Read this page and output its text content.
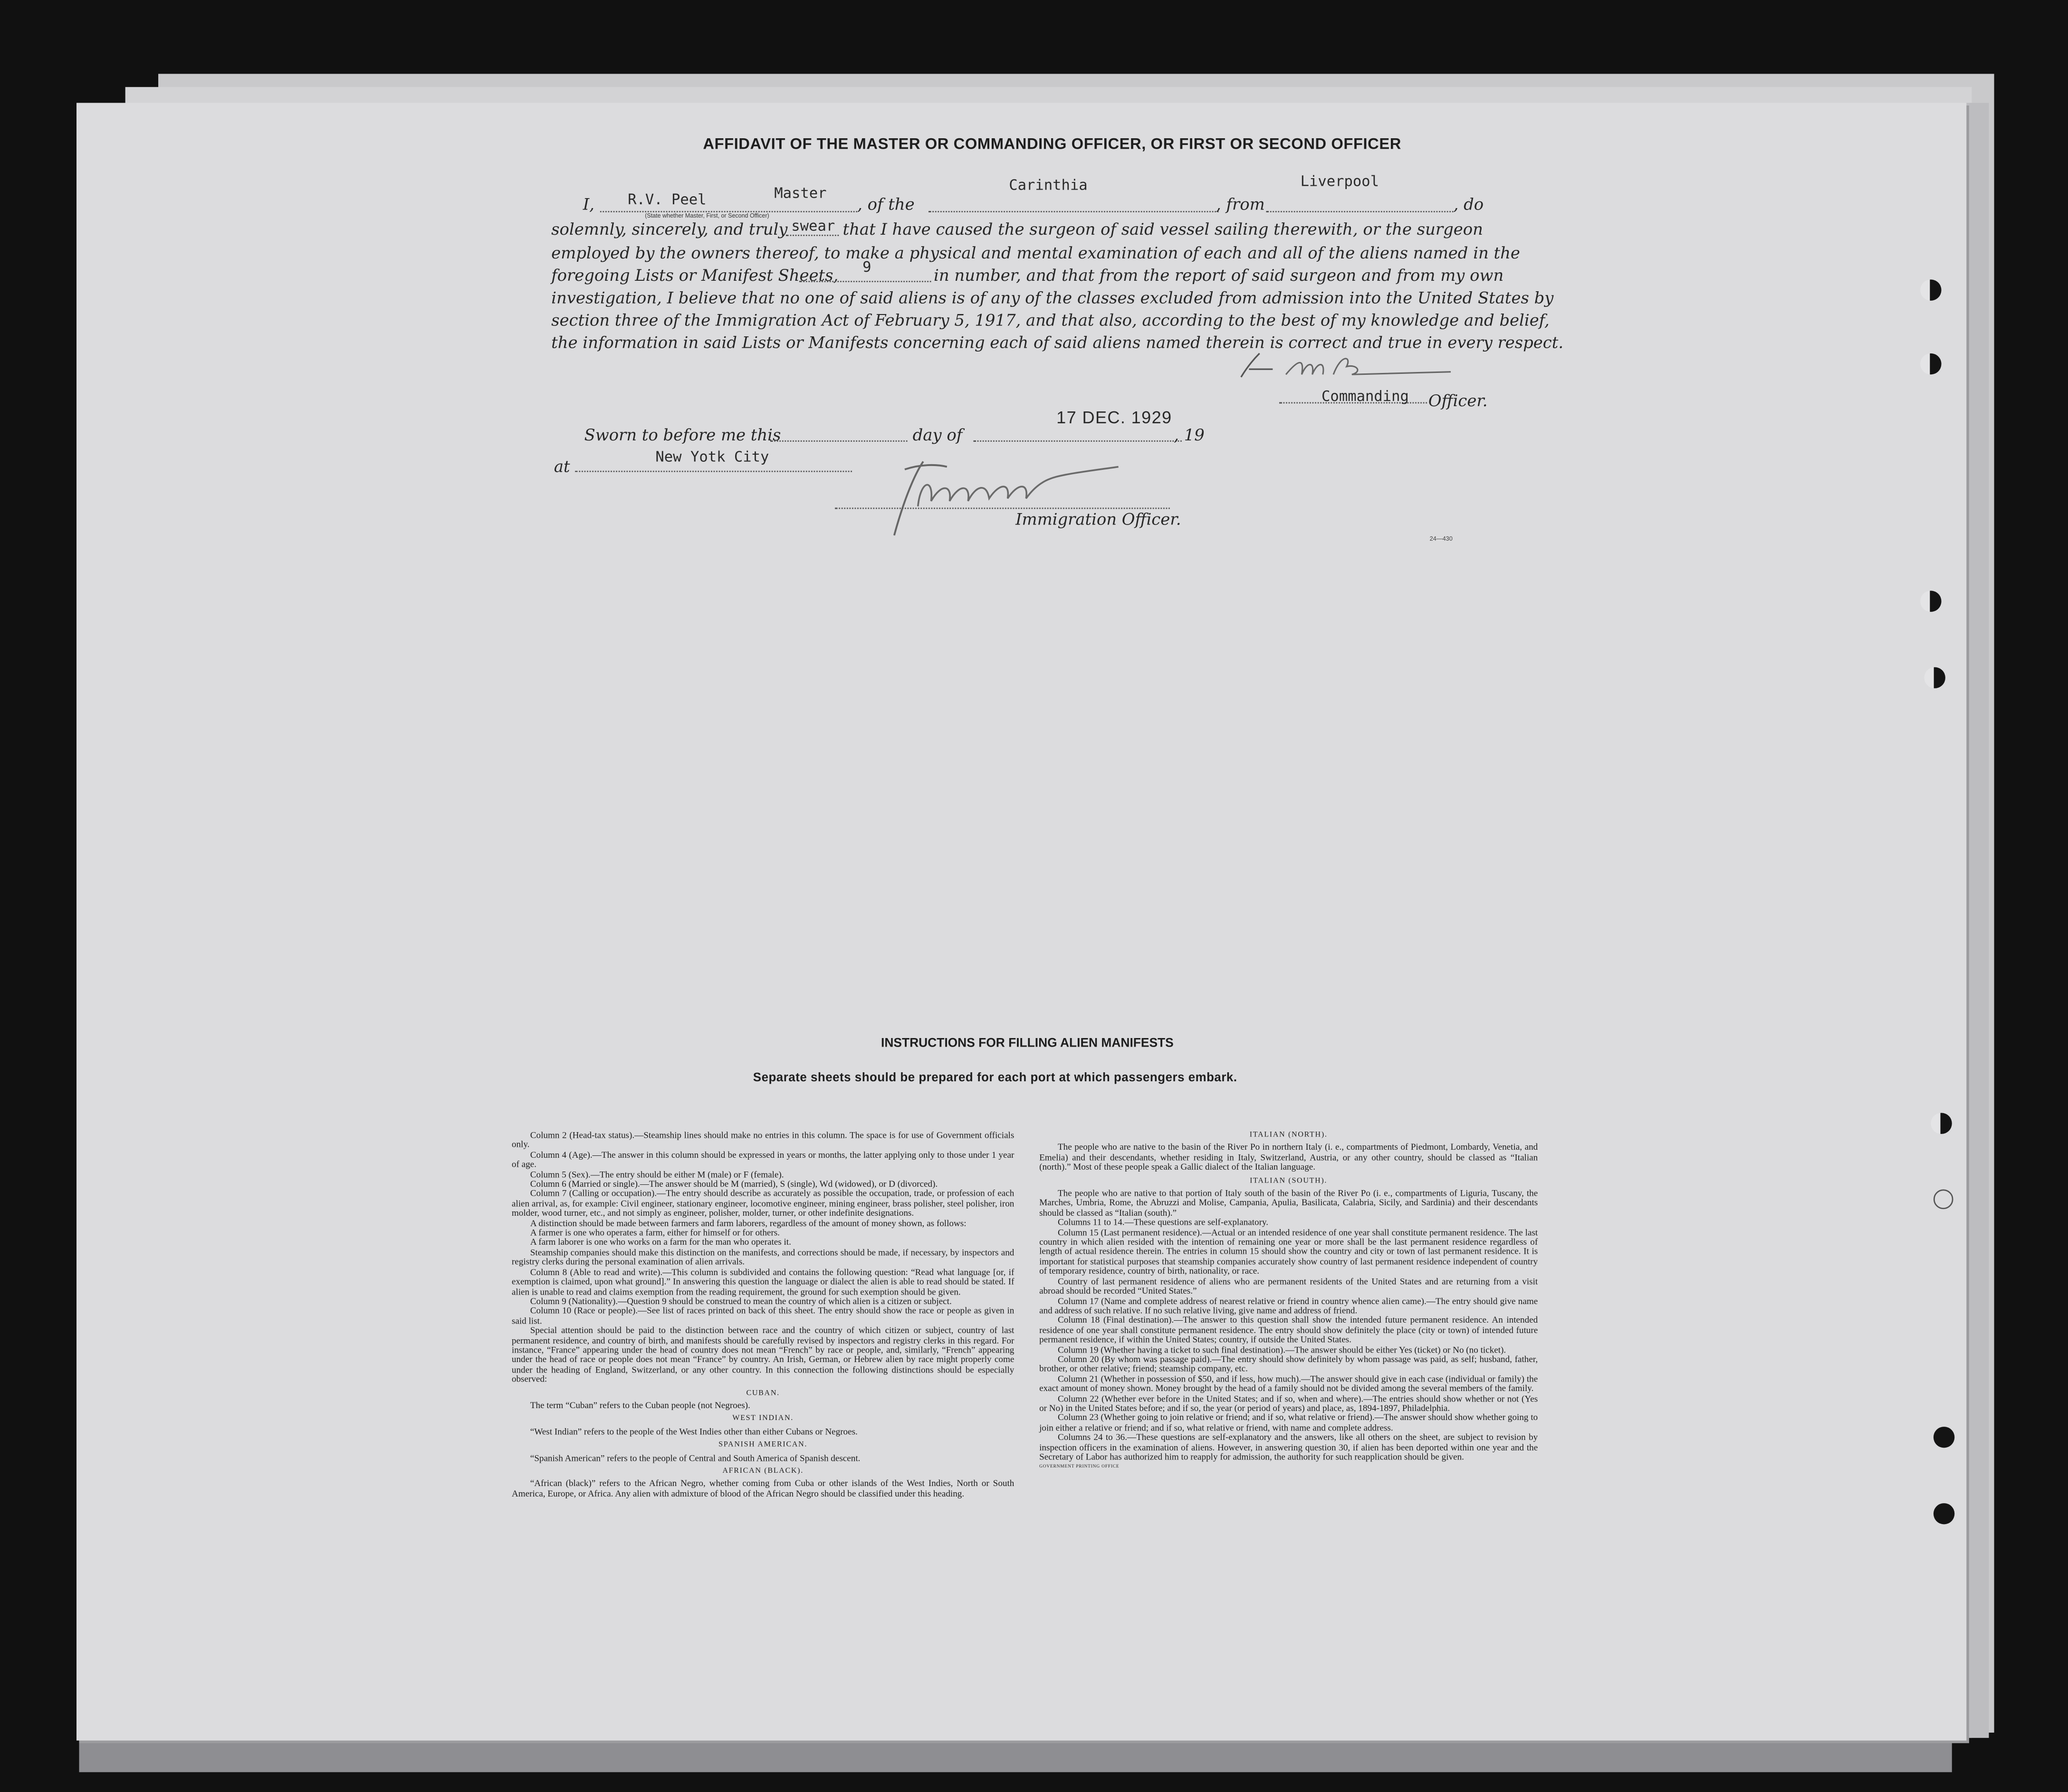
AFFIDAVIT OF THE MASTER OR COMMANDING OFFICER, OR FIRST OR SECOND OFFICER
I,	R.V. Peel	Master
, of the
Carinthia
, from
Liverpool
, do
(State whether Master, First, or Second Officer)
solemnly, sincerely, and truly swear that I have caused the surgeon of said vessel sailing therewith, or the surgeon
employed by the owners thereof, to make a physical and mental examination of each and all of the aliens named in the
foregoing Lists or Manifest Sheets,	9	in number, and that from the report of said surgeon and from my own
investigation, I believe that no one of said aliens is of any of the classes excluded from admission into the United States by
section three of the Immigration Act of February 5, 1917, and that also, according to the best of my knowledge and belief,
the information in said Lists or Manifests concerning each of said aliens named therein is correct and true in every respect.
Commanding	Officer.
Sworn to before me this	day of
17 DEC. 1929
, 19
at
New Yotk City
Immigration Officer.
24—430
INSTRUCTIONS FOR FILLING ALIEN MANIFESTS
Separate sheets should be prepared for each port at which passengers embark.

Column 2 (Head-tax status).—Steamship lines should make no entries in this column. The space is for use of Government officials only.

Column 4 (Age).—The answer in this column should be expressed in years or months, the latter applying only to those under 1 year of age.

Column 5 (Sex).—The entry should be either M (male) or F (female).

Column 6 (Married or single).—The answer should be M (married), S (single), Wd (widowed), or D (divorced).

Column 7 (Calling or occupation).—The entry should describe as accurately as possible the occupation, trade, or profession of each alien arrival, as, for example: Civil engineer, stationary engineer, locomotive engineer, mining engineer, brass polisher, steel polisher, iron molder, wood turner, etc., and not simply as engineer, polisher, molder, turner, or other indefinite designations.

A distinction should be made between farmers and farm laborers, regardless of the amount of money shown, as follows:

A farmer is one who operates a farm, either for himself or for others.

A farm laborer is one who works on a farm for the man who operates it.

Steamship companies should make this distinction on the manifests, and corrections should be made, if necessary, by inspectors and registry clerks during the personal examination of alien arrivals.

Column 8 (Able to read and write).—This column is subdivided and contains the following question: “Read what language [or, if exemption is claimed, upon what ground].” In answering this question the language or dialect the alien is able to read should be stated. If alien is unable to read and claims exemption from the reading requirement, the ground for such exemption should be given.

Column 9 (Nationality).—Question 9 should be construed to mean the country of which alien is a citizen or subject.

Column 10 (Race or people).—See list of races printed on back of this sheet. The entry should show the race or people as given in said list.

Special attention should be paid to the distinction between race and the country of which citizen or subject, country of last permanent residence, and country of birth, and manifests should be carefully revised by inspectors and registry clerks in this regard. For instance, “France” appearing under the head of country does not mean “French” by race or people, and, similarly, “French” appearing under the head of race or people does not mean “France” by country. An Irish, German, or Hebrew alien by race might properly come under the heading of England, Switzerland, or any other country. In this connection the following distinctions should be especially observed:

CUBAN.

The term “Cuban” refers to the Cuban people (not Negroes).

WEST INDIAN.

“West Indian” refers to the people of the West Indies other than either Cubans or Negroes.

SPANISH AMERICAN.

“Spanish American” refers to the people of Central and South America of Spanish descent.

AFRICAN (BLACK).

“African (black)” refers to the African Negro, whether coming from Cuba or other islands of the West Indies, North or South America, Europe, or Africa. Any alien with admixture of blood of the African Negro should be classified under this heading.

ITALIAN (NORTH).

The people who are native to the basin of the River Po in northern Italy (i. e., compartments of Piedmont, Lombardy, Venetia, and Emelia) and their descendants, whether residing in Italy, Switzerland, Austria, or any other country, should be classed as “Italian (north).” Most of these people speak a Gallic dialect of the Italian language.

ITALIAN (SOUTH).

The people who are native to that portion of Italy south of the basin of the River Po (i. e., compartments of Liguria, Tuscany, the Marches, Umbria, Rome, the Abruzzi and Molise, Campania, Apulia, Basilicata, Calabria, Sicily, and Sardinia) and their descendants should be classed as “Italian (south).”

Columns 11 to 14.—These questions are self-explanatory.

Column 15 (Last permanent residence).—Actual or an intended residence of one year shall constitute permanent residence. The last country in which alien resided with the intention of remaining one year or more shall be the last permanent residence regardless of length of actual residence therein. The entries in column 15 should show the country and city or town of last permanent residence. It is important for statistical purposes that steamship companies accurately show country of last permanent residence independent of country of temporary residence, country of birth, nationality, or race.

Country of last permanent residence of aliens who are permanent residents of the United States and are returning from a visit abroad should be recorded “United States.”

Column 17 (Name and complete address of nearest relative or friend in country whence alien came).—The entry should give name and address of such relative. If no such relative living, give name and address of friend.

Column 18 (Final destination).—The answer to this question shall show the intended future permanent residence. An intended residence of one year shall constitute permanent residence. The entry should show definitely the place (city or town) of intended future permanent residence, if within the United States; country, if outside the United States.

Column 19 (Whether having a ticket to such final destination).—The answer should be either Yes (ticket) or No (no ticket).

Column 20 (By whom was passage paid).—The entry should show definitely by whom passage was paid, as self; husband, father, brother, or other relative; friend; steamship company, etc.

Column 21 (Whether in possession of $50, and if less, how much).—The answer should give in each case (individual or family) the exact amount of money shown. Money brought by the head of a family should not be divided among the several members of the family.

Column 22 (Whether ever before in the United States; and if so, when and where).—The entries should show whether or not (Yes or No) in the United States before; and if so, the year (or period of years) and place, as, 1894-1897, Philadelphia.

Column 23 (Whether going to join relative or friend; and if so, what relative or friend).—The answer should show whether going to join either a relative or friend; and if so, what relative or friend, with name and complete address.

Columns 24 to 36.—These questions are self-explanatory and the answers, like all others on the sheet, are subject to revision by inspection officers in the examination of aliens. However, in answering question 30, if alien has been deported within one year and the Secretary of Labor has authorized him to reapply for admission, the authority for such reapplication should be given.

GOVERNMENT PRINTING OFFICE
